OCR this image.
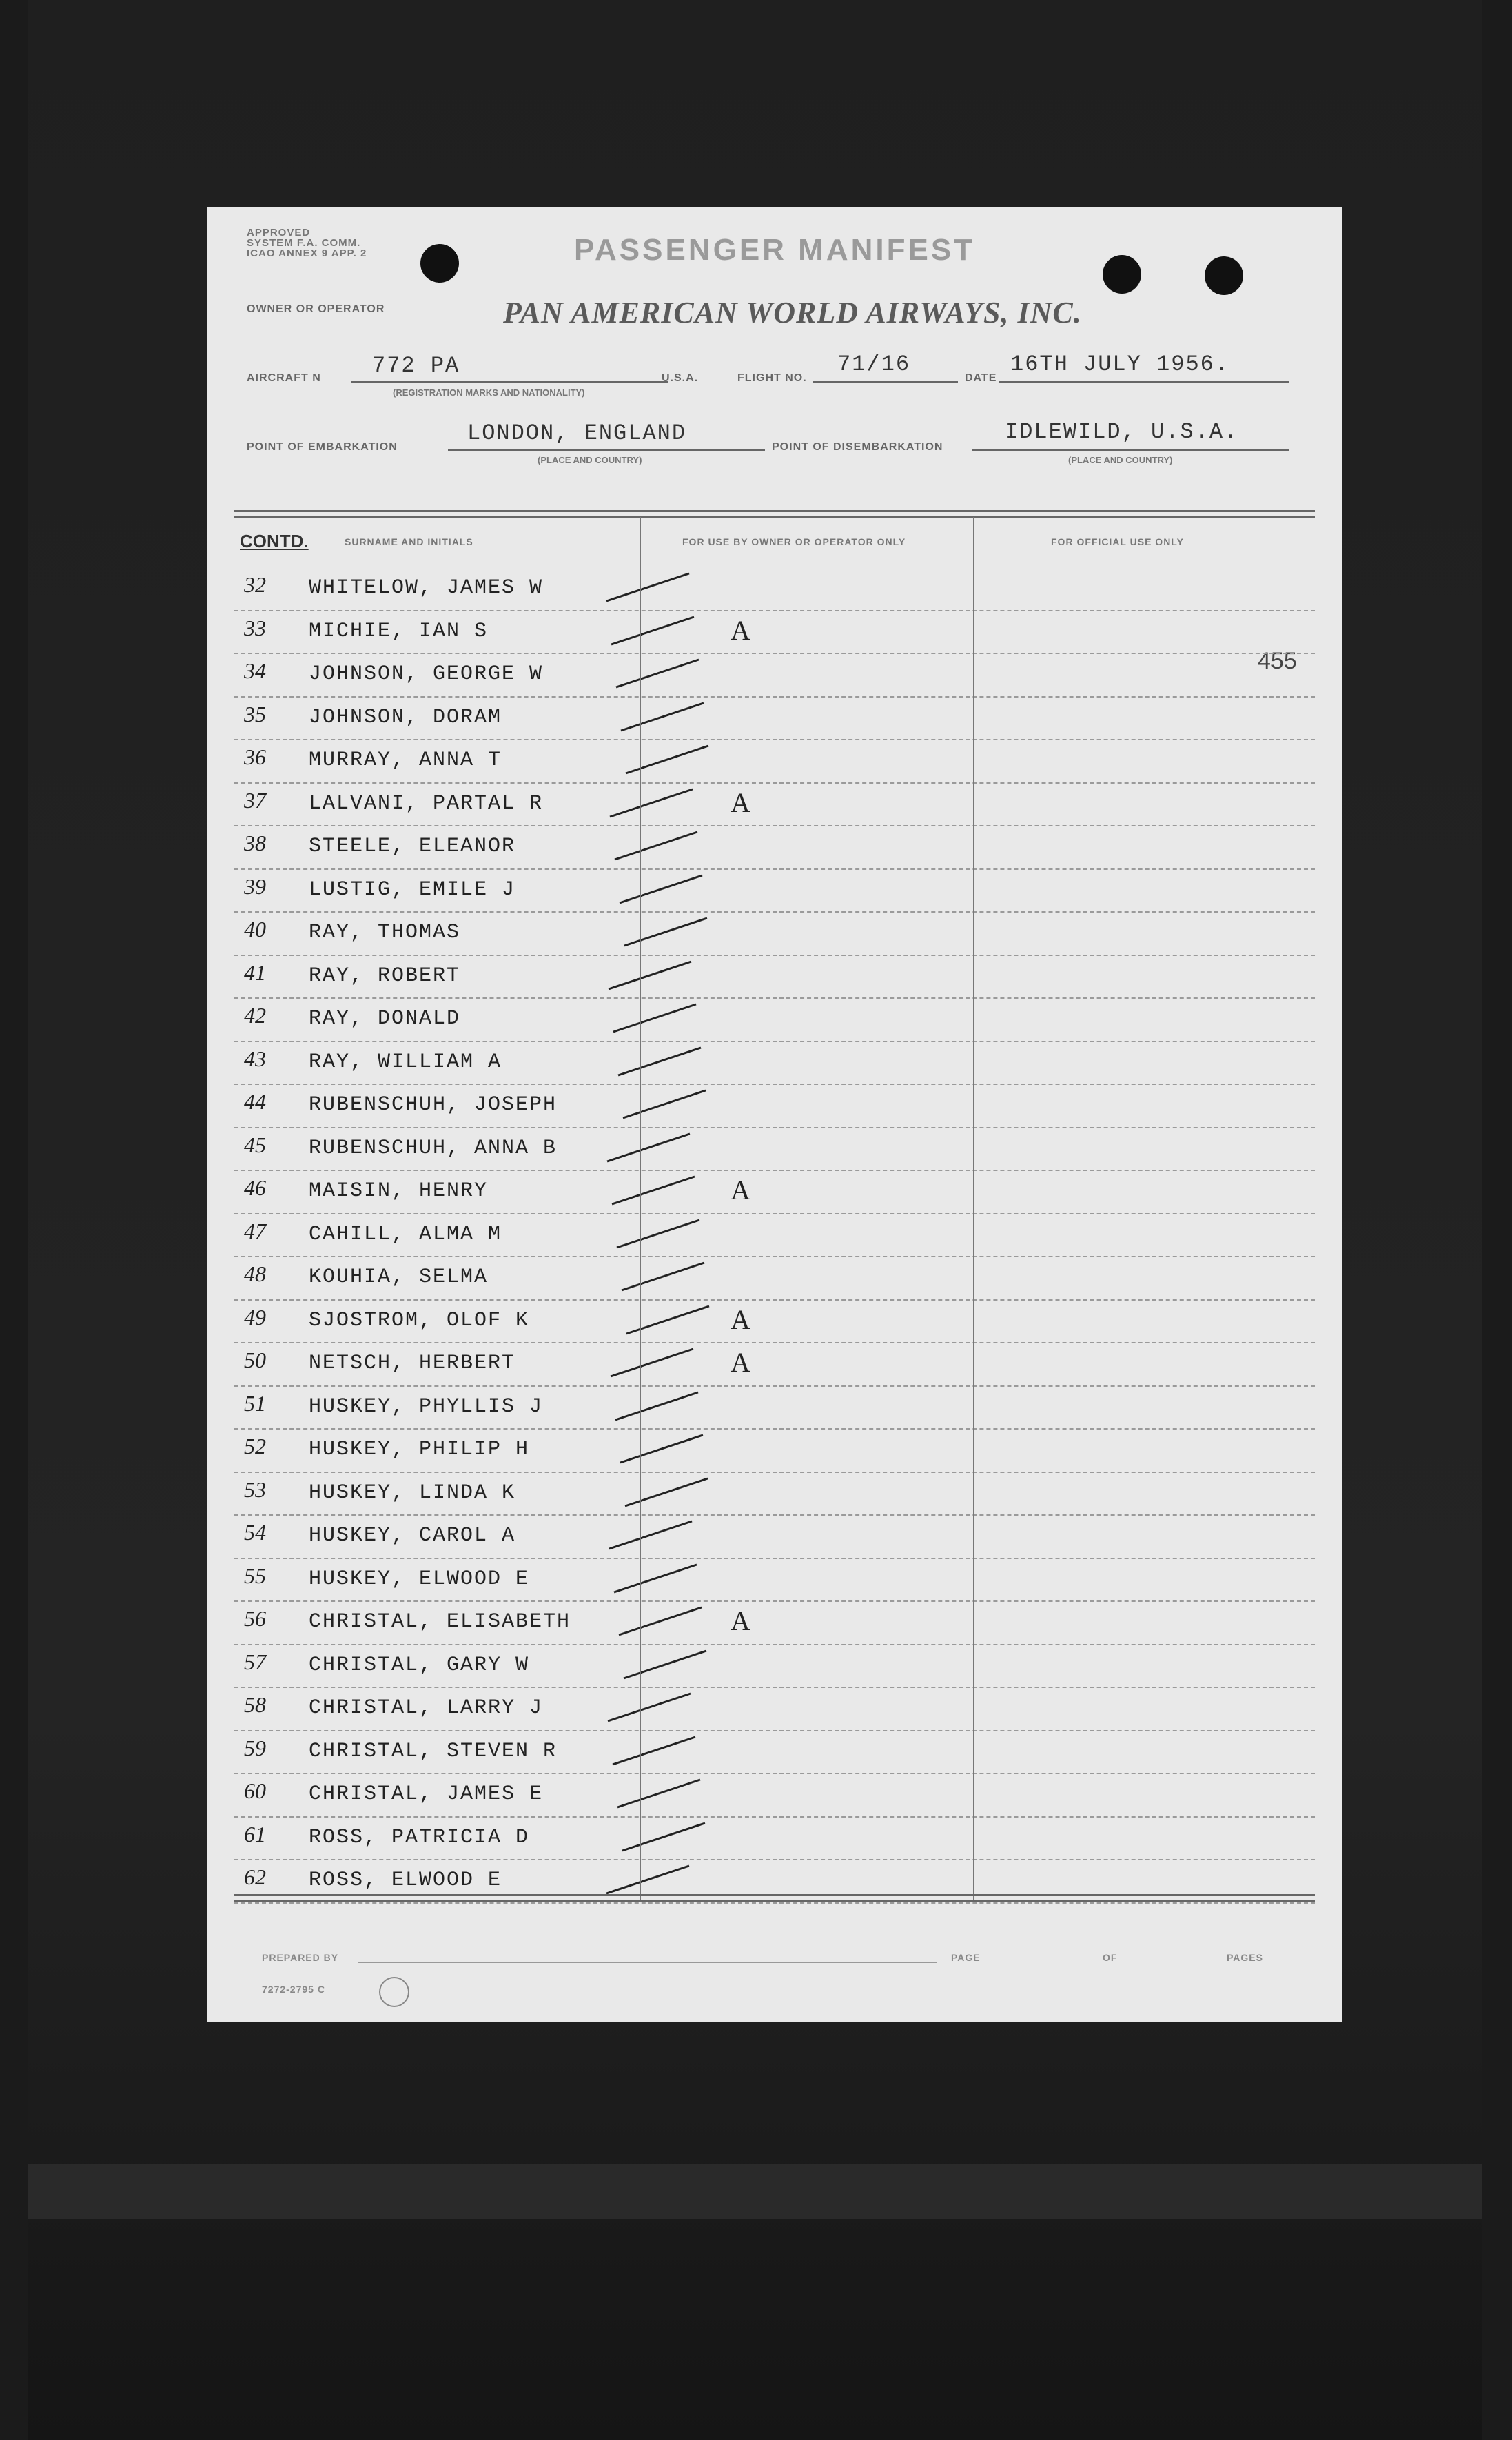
APPROVED
SYSTEM F.A. COMM.
ICAO ANNEX 9 APP. 2	PASSENGER MANIFEST
OWNER OR OPERATOR	PAN AMERICAN WORLD AIRWAYS, INC.
AIRCRAFT N 772 PA
(REGISTRATION MARKS AND NATIONALITY)
U.S.A.	FLIGHT NO.
71/16
DATE
16TH JULY 1956.
POINT OF EMBARKATION
LONDON, ENGLAND
(PLACE AND COUNTRY)
POINT OF DISEMBARKATION
IDLEWILD, U.S.A.
(PLACE AND COUNTRY)
CONTD.	SURNAME AND INITIALS	FOR USE BY OWNER OR OPERATOR ONLY	FOR OFFICIAL USE ONLY
455
32 WHITELOW, JAMES W
33 MICHIE, IAN S	A
34 JOHNSON, GEORGE W
35 JOHNSON, DORAM
36 MURRAY, ANNA T
37 LALVANI, PARTAL R	A
38 STEELE, ELEANOR
39 LUSTIG, EMILE J
40 RAY, THOMAS
41 RAY, ROBERT
42 RAY, DONALD
43 RAY, WILLIAM A
44 RUBENSCHUH, JOSEPH
45 RUBENSCHUH, ANNA B
46 MAISIN, HENRY	A
47 CAHILL, ALMA M
48 KOUHIA, SELMA
49 SJOSTROM, OLOF K	A
50 NETSCH, HERBERT	A
51 HUSKEY, PHYLLIS J
52 HUSKEY, PHILIP H
53 HUSKEY, LINDA K
54 HUSKEY, CAROL A
55 HUSKEY, ELWOOD E
56 CHRISTAL, ELISABETH	A
57 CHRISTAL, GARY W
58 CHRISTAL, LARRY J
59 CHRISTAL, STEVEN R
60 CHRISTAL, JAMES E
61 ROSS, PATRICIA D
62 ROSS, ELWOOD E
PREPARED BY	PAGE	OF	PAGES
7272-2795 C
